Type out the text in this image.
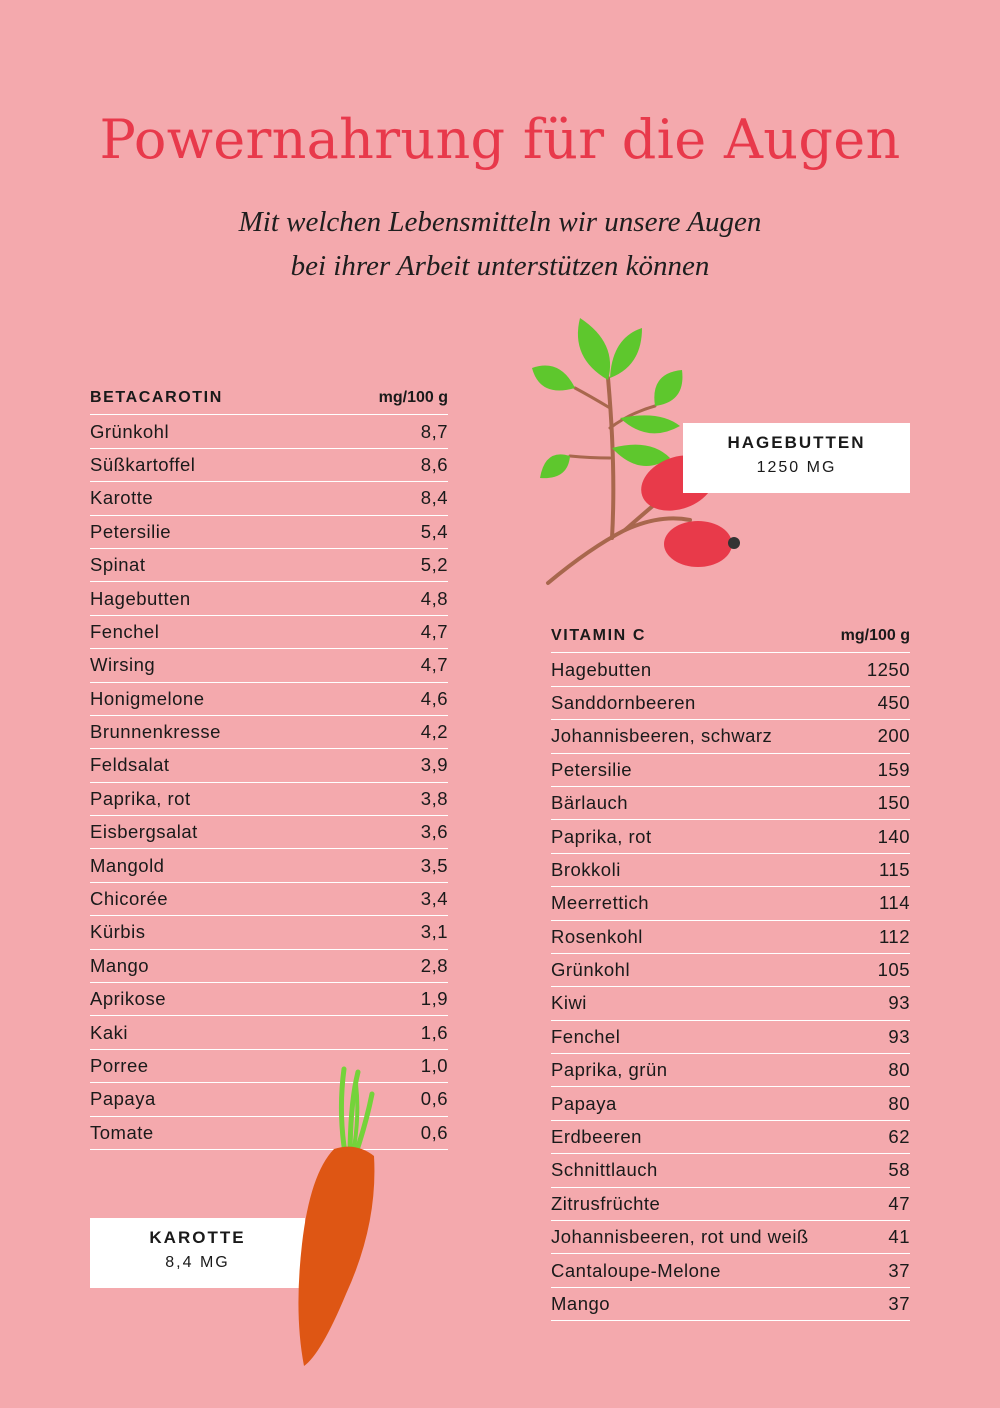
Powernahrung für die Augen
Mit welchen Lebensmitteln wir unsere Augen
bei ihrer Arbeit unterstützen können
BETACAROTIN	mg/100 g
Grünkohl	8,7
Süßkartoffel	8,6
Karotte	8,4
Petersilie	5,4
Spinat	5,2
Hagebutten	4,8
Fenchel	4,7
Wirsing	4,7
Honigmelone	4,6
Brunnenkresse	4,2
Feldsalat	3,9
Paprika, rot	3,8
Eisbergsalat	3,6
Mangold	3,5
Chicorée	3,4
Kürbis	3,1
Mango	2,8
Aprikose	1,9
Kaki	1,6
Porree	1,0
Papaya	0,6
Tomate	0,6
VITAMIN C	mg/100 g
Hagebutten	1250
Sanddornbeeren	450
Johannisbeeren, schwarz	200
Petersilie	159
Bärlauch	150
Paprika, rot	140
Brokkoli	115
Meerrettich	114
Rosenkohl	112
Grünkohl	105
Kiwi	93
Fenchel	93
Paprika, grün	80
Papaya	80
Erdbeeren	62
Schnittlauch	58
Zitrusfrüchte	47
Johannisbeeren, rot und weiß	41
Cantaloupe-Melone	37
Mango	37
HAGEBUTTEN
1250 MG
KAROTTE
8,4 MG
